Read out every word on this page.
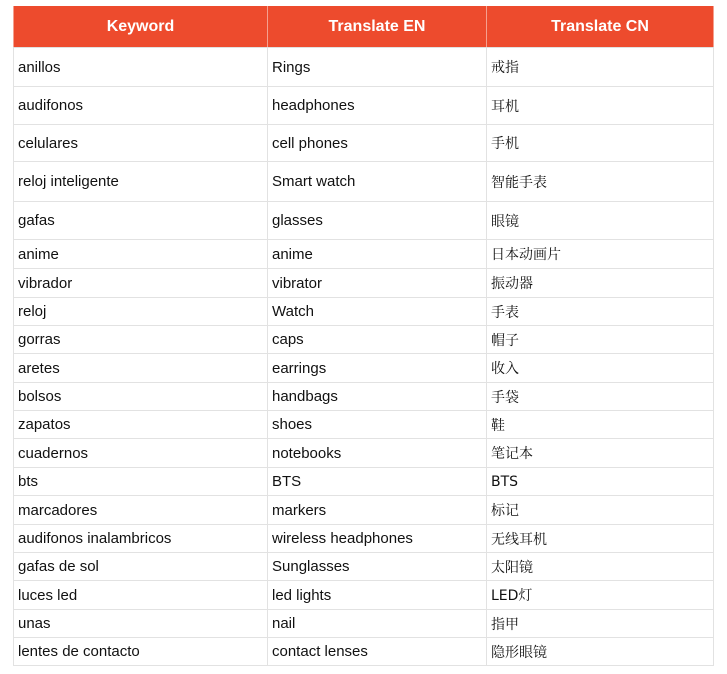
Keyword	Translate EN	Translate CN
anillos	Rings	戒指
audifonos	headphones	耳机
celulares	cell phones	手机
reloj inteligente	Smart watch	智能手表
gafas	glasses	眼镜
anime	anime	日本动画片
vibrador	vibrator	振动器
reloj	Watch	手表
gorras	caps	帽子
aretes	earrings	收入
bolsos	handbags	手袋
zapatos	shoes	鞋
cuadernos	notebooks	笔记本
bts	BTS	BTS
marcadores	markers	标记
audifonos inalambricos	wireless headphones	无线耳机
gafas de sol	Sunglasses	太阳镜
luces led	led lights	LED灯
unas	nail	指甲
lentes de contacto	contact lenses	隐形眼镜
